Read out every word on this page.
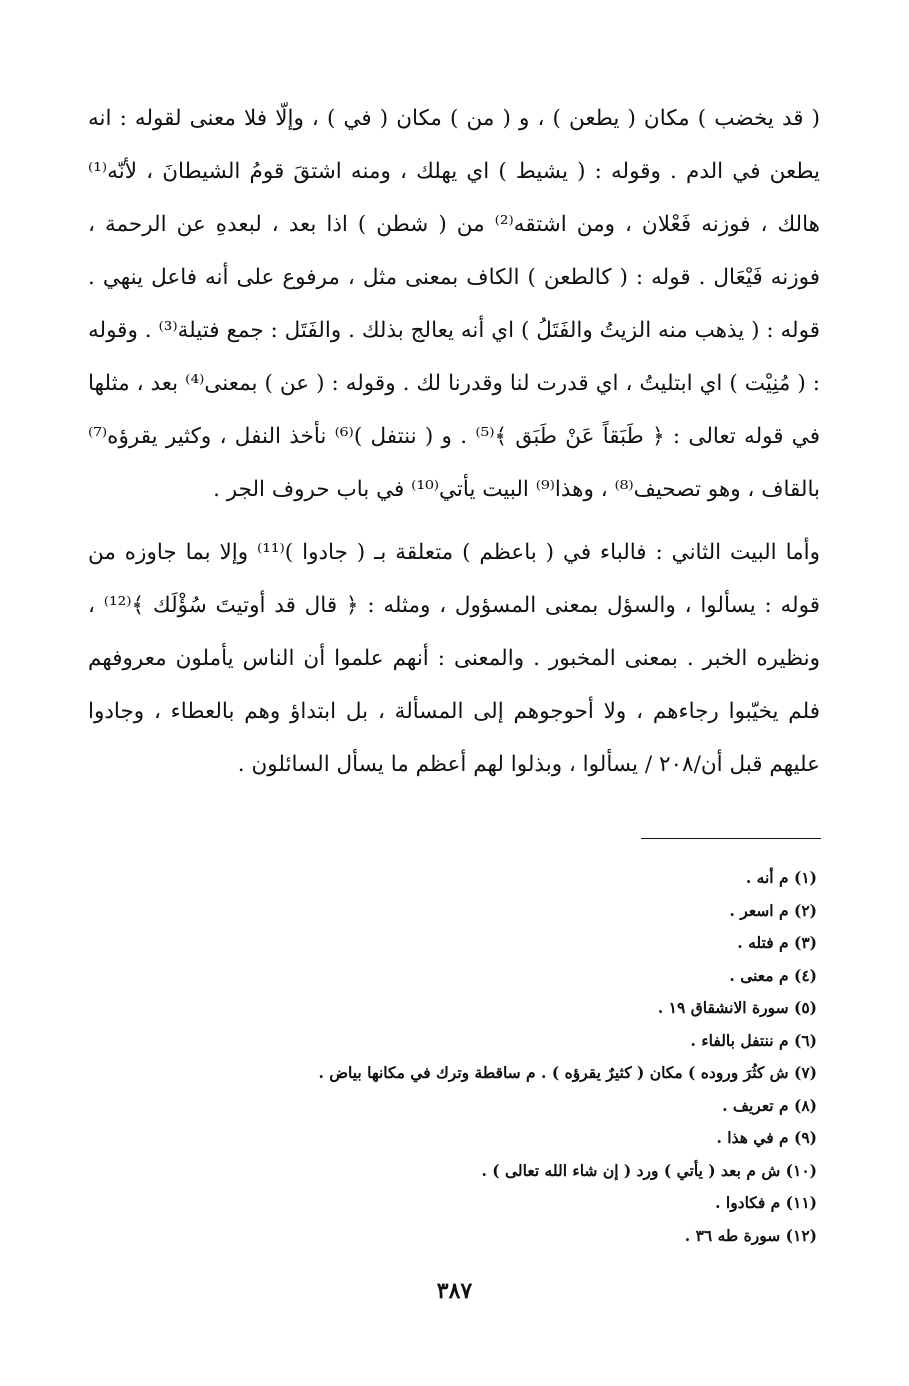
( قد يخضب ) مكان ( يطعن ) ، و ( من ) مكان ( في ) ، وإلّا فلا معنى لقوله : انه يطعن في الدم . وقوله : ( يشيط ) اي يهلك ، ومنه اشتقَ قومُ الشيطانَ ، لأنّه⁽¹⁾ هالك ، فوزنه فَعْلان ، ومن اشتقه⁽²⁾ من ( شطن ) اذا بعد ، لبعدهِ عن الرحمة ، فوزنه فَيْعَال . قوله : ( كالطعن ) الكاف بمعنى مثل ، مرفوع على أنه فاعل ينهي . قوله : ( يذهب منه الزيتُ والفَتَلُ ) اي أنه يعالج بذلك . والفَتَل : جمع فتيلة⁽³⁾ . وقوله : ( مُنِيْت ) اي ابتليتُ ، اي قدرت لنا وقدرنا لك . وقوله : ( عن ) بمعنى⁽⁴⁾ بعد ، مثلها في قوله تعالى : ﴿ طَبَقاً عَنْ طَبَق ﴾⁽⁵⁾ . و ( ننتفل )⁽⁶⁾ نأخذ النفل ، وكثير يقرؤه⁽⁷⁾ بالقاف ، وهو تصحيف⁽⁸⁾ ، وهذا⁽⁹⁾ البيت يأتي⁽¹⁰⁾ في باب حروف الجر .

وأما البيت الثاني : فالباء في ( باعظم ) متعلقة بـ ( جادوا )⁽¹¹⁾ وإلا بما جاوزه من قوله : يسألوا ، والسؤل بمعنى المسؤول ، ومثله : ﴿ قال قد أوتيتَ سُؤْلَك ﴾⁽¹²⁾ ، ونظيره الخبر . بمعنى المخبور . والمعنى : أنهم علموا أن الناس يأملون معروفهم فلم يخيّبوا رجاءهم ، ولا أحوجوهم إلى المسألة ، بل ابتداؤ وهم بالعطاء ، وجادوا عليهم قبل أن/٢٠٨ / يسألوا ، وبذلوا لهم أعظم ما يسأل السائلون .

(١) م أنه .
(٢) م اسعر .
(٣) م فتله .
(٤) م معنى .
(٥) سورة الانشقاق ١٩ .
(٦) م ننتفل بالفاء .
(٧) ش كثُرَ وروده ) مكان ( كثيرٌ يقرؤه ) . م ساقطة وترك في مكانها بياض .
(٨) م تعريف .
(٩) م في هذا .
(١٠) ش م بعد ( يأتي ) ورد ( إن شاء الله تعالى ) .
(١١) م فكادوا .
(١٢) سورة طه ٣٦ .
٣٨٧
